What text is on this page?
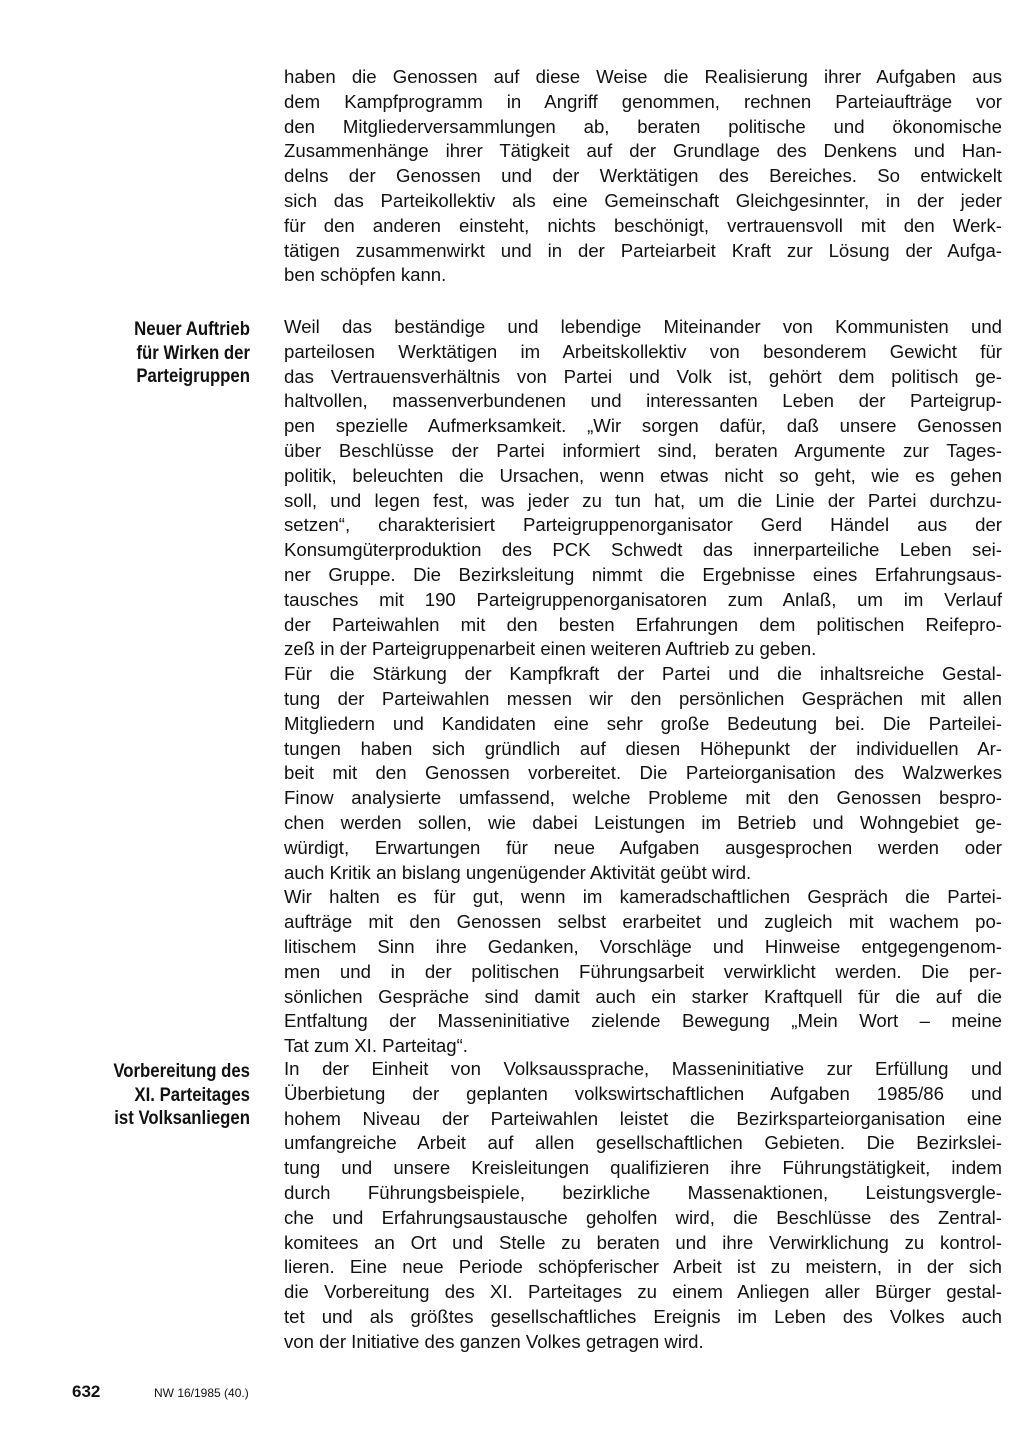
haben die Genossen auf diese Weise die Realisierung ihrer Aufgaben aus
dem Kampfprogramm in Angriff genommen, rechnen Parteiaufträge vor
den Mitgliederversammlungen ab, beraten politische und ökonomische
Zusammenhänge ihrer Tätigkeit auf der Grundlage des Denkens und Han-
delns der Genossen und der Werktätigen des Bereiches. So entwickelt
sich das Parteikollektiv als eine Gemeinschaft Gleichgesinnter, in der jeder
für den anderen einsteht, nichts beschönigt, vertrauensvoll mit den Werk-
tätigen zusammenwirkt und in der Parteiarbeit Kraft zur Lösung der Aufga-
ben schöpfen kann.
Neuer Auftrieb
für Wirken der
Parteigruppen
Weil das beständige und lebendige Miteinander von Kommunisten und
parteilosen Werktätigen im Arbeitskollektiv von besonderem Gewicht für
das Vertrauensverhältnis von Partei und Volk ist, gehört dem politisch ge-
haltvollen, massenverbundenen und interessanten Leben der Parteigrup-
pen spezielle Aufmerksamkeit. „Wir sorgen dafür, daß unsere Genossen
über Beschlüsse der Partei informiert sind, beraten Argumente zur Tages-
politik, beleuchten die Ursachen, wenn etwas nicht so geht, wie es gehen
soll, und legen fest, was jeder zu tun hat, um die Linie der Partei durchzu-
setzen“, charakterisiert Parteigruppenorganisator Gerd Händel aus der
Konsumgüterproduktion des PCK Schwedt das innerparteiliche Leben sei-
ner Gruppe. Die Bezirksleitung nimmt die Ergebnisse eines Erfahrungsaus-
tausches mit 190 Parteigruppenorganisatoren zum Anlaß, um im Verlauf
der Parteiwahlen mit den besten Erfahrungen dem politischen Reifepro-
zeß in der Parteigruppenarbeit einen weiteren Auftrieb zu geben.
Für die Stärkung der Kampfkraft der Partei und die inhaltsreiche Gestal-
tung der Parteiwahlen messen wir den persönlichen Gesprächen mit allen
Mitgliedern und Kandidaten eine sehr große Bedeutung bei. Die Parteilei-
tungen haben sich gründlich auf diesen Höhepunkt der individuellen Ar-
beit mit den Genossen vorbereitet. Die Parteiorganisation des Walzwerkes
Finow analysierte umfassend, welche Probleme mit den Genossen bespro-
chen werden sollen, wie dabei Leistungen im Betrieb und Wohngebiet ge-
würdigt, Erwartungen für neue Aufgaben ausgesprochen werden oder
auch Kritik an bislang ungenügender Aktivität geübt wird.
Wir halten es für gut, wenn im kameradschaftlichen Gespräch die Partei-
aufträge mit den Genossen selbst erarbeitet und zugleich mit wachem po-
litischem Sinn ihre Gedanken, Vorschläge und Hinweise entgegengenom-
men und in der politischen Führungsarbeit verwirklicht werden. Die per-
sönlichen Gespräche sind damit auch ein starker Kraftquell für die auf die
Entfaltung der Masseninitiative zielende Bewegung „Mein Wort – meine
Tat zum XI. Parteitag“.
Vorbereitung des
XI. Parteitages
ist Volksanliegen
In der Einheit von Volksaussprache, Masseninitiative zur Erfüllung und
Überbietung der geplanten volkswirtschaftlichen Aufgaben 1985/86 und
hohem Niveau der Parteiwahlen leistet die Bezirksparteiorganisation eine
umfangreiche Arbeit auf allen gesellschaftlichen Gebieten. Die Bezirkslei-
tung und unsere Kreisleitungen qualifizieren ihre Führungstätigkeit, indem
durch Führungsbeispiele, bezirkliche Massenaktionen, Leistungsvergle-
che und Erfahrungsaustausche geholfen wird, die Beschlüsse des Zentral-
komitees an Ort und Stelle zu beraten und ihre Verwirklichung zu kontrol-
lieren. Eine neue Periode schöpferischer Arbeit ist zu meistern, in der sich
die Vorbereitung des XI. Parteitages zu einem Anliegen aller Bürger gestal-
tet und als größtes gesellschaftliches Ereignis im Leben des Volkes auch
von der Initiative des ganzen Volkes getragen wird.
632	NW 16/1985 (40.)
